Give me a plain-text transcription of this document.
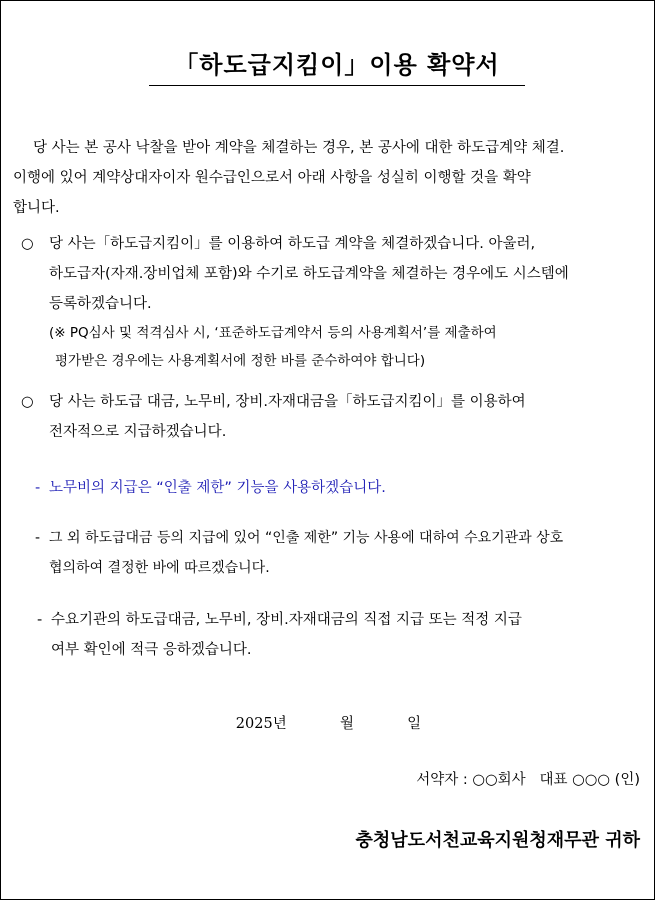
「하도급지킴이」이용 확약서
당 사는 본 공사 낙찰을 받아 계약을 체결하는 경우, 본 공사에 대한 하도급계약 체결.
이행에 있어 계약상대자이자 원수급인으로서 아래 사항을 성실히 이행할 것을 확약
합니다.
○	당 사는「하도급지킴이」를 이용하여 하도급 계약을 체결하겠습니다. 아울러,
하도급자(자재.장비업체 포함)와 수기로 하도급계약을 체결하는 경우에도 시스템에
등록하겠습니다.
(※ PQ심사 및 적격심사 시, ‘표준하도급계약서 등의 사용계획서’를 제출하여
평가받은 경우에는 사용계획서에 정한 바를 준수하여야 합니다)
○	당 사는 하도급 대금, 노무비, 장비.자재대금을「하도급지킴이」를 이용하여
전자적으로 지급하겠습니다.
- 노무비의 지급은 “인출 제한” 기능을 사용하겠습니다.
- 그 외 하도급대금 등의 지급에 있어 “인출 제한” 기능 사용에 대하여 수요기관과 상호
협의하여 결정한 바에 따르겠습니다.
- 수요기관의 하도급대금, 노무비, 장비.자재대금의 직접 지급 또는 적정 지급
여부 확인에 적극 응하겠습니다.
2025년	월	일
서약자 : ○○회사   대표 ○○○ (인)
충청남도서천교육지원청재무관 귀하
